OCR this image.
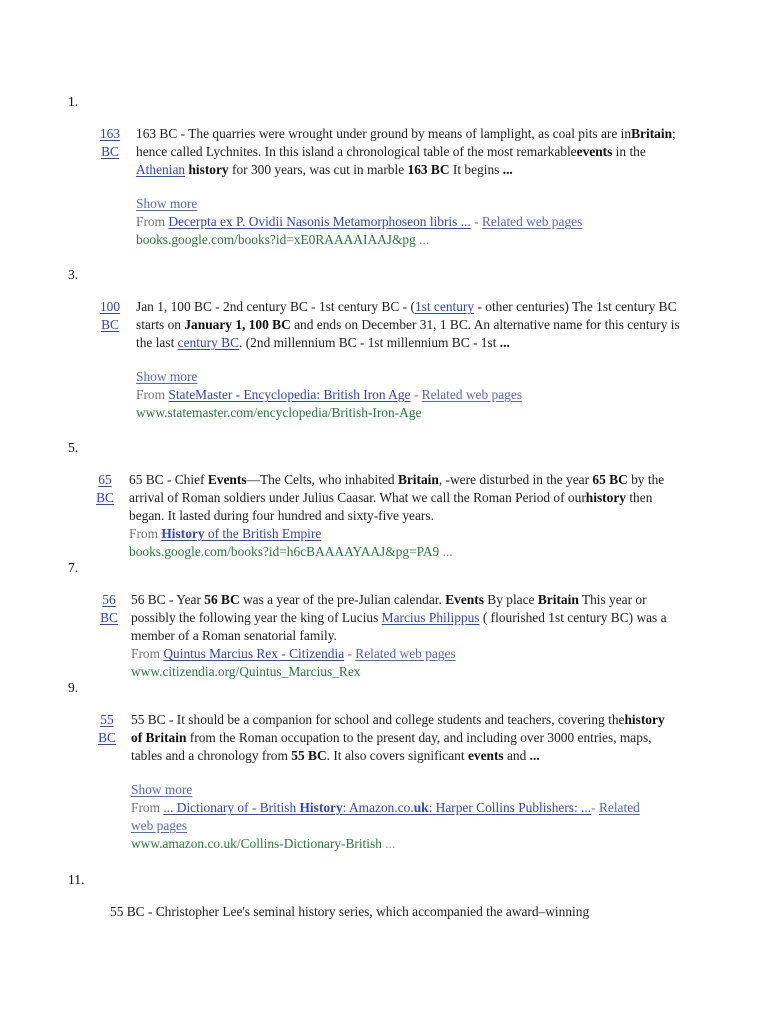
1.
163
BC

163 BC - The quarries were wrought under ground by means of lamplight, as coal pits are inBritain; hence called Lychnites. In this island a chronological table of the most remarkableevents in the Athenian history for 300 years, was cut in marble 163 BC It begins ...

Show more

From Decerpta ex P. Ovidii Nasonis Metamorphoseon libris ... - Related web pages

books.google.com/books?id=xE0RAAAAIAAJ&pg ...

3.
100
BC

Jan 1, 100 BC - 2nd century BC - 1st century BC - (1st century - other centuries) The 1st century BC starts on January 1, 100 BC and ends on December 31, 1 BC. An alternative name for this century is the last century BC. (2nd millennium BC - 1st millennium BC - 1st ...

Show more

From StateMaster - Encyclopedia: British Iron Age - Related web pages

www.statemaster.com/encyclopedia/British-Iron-Age

5.
65
BC

65 BC - Chief Events—The Celts, who inhabited Britain, -were disturbed in the year 65 BC by the arrival of Roman soldiers under Julius Caasar. What we call the Roman Period of ourhistory then began. It lasted during four hundred and sixty-five years.

From History of the British Empire

books.google.com/books?id=h6cBAAAAYAAJ&pg=PA9 ...

7.
56
BC

56 BC - Year 56 BC was a year of the pre-Julian calendar. Events By place Britain This year or possibly the following year the king of Lucius Marcius Philippus ( flourished 1st century BC) was a member of a Roman senatorial family.

From Quintus Marcius Rex - Citizendia - Related web pages

www.citizendia.org/Quintus_Marcius_Rex

9.
55
BC

55 BC - It should be a companion for school and college students and teachers, covering thehistory of Britain from the Roman occupation to the present day, and including over 3000 entries, maps, tables and a chronology from 55 BC. It also covers significant events and ...

Show more

From ... Dictionary of - British History: Amazon.co.uk: Harper Collins Publishers: ...- Related web pages

www.amazon.co.uk/Collins-Dictionary-British ...

11.
55 BC - Christopher Lee's seminal history series, which accompanied the award–winning
